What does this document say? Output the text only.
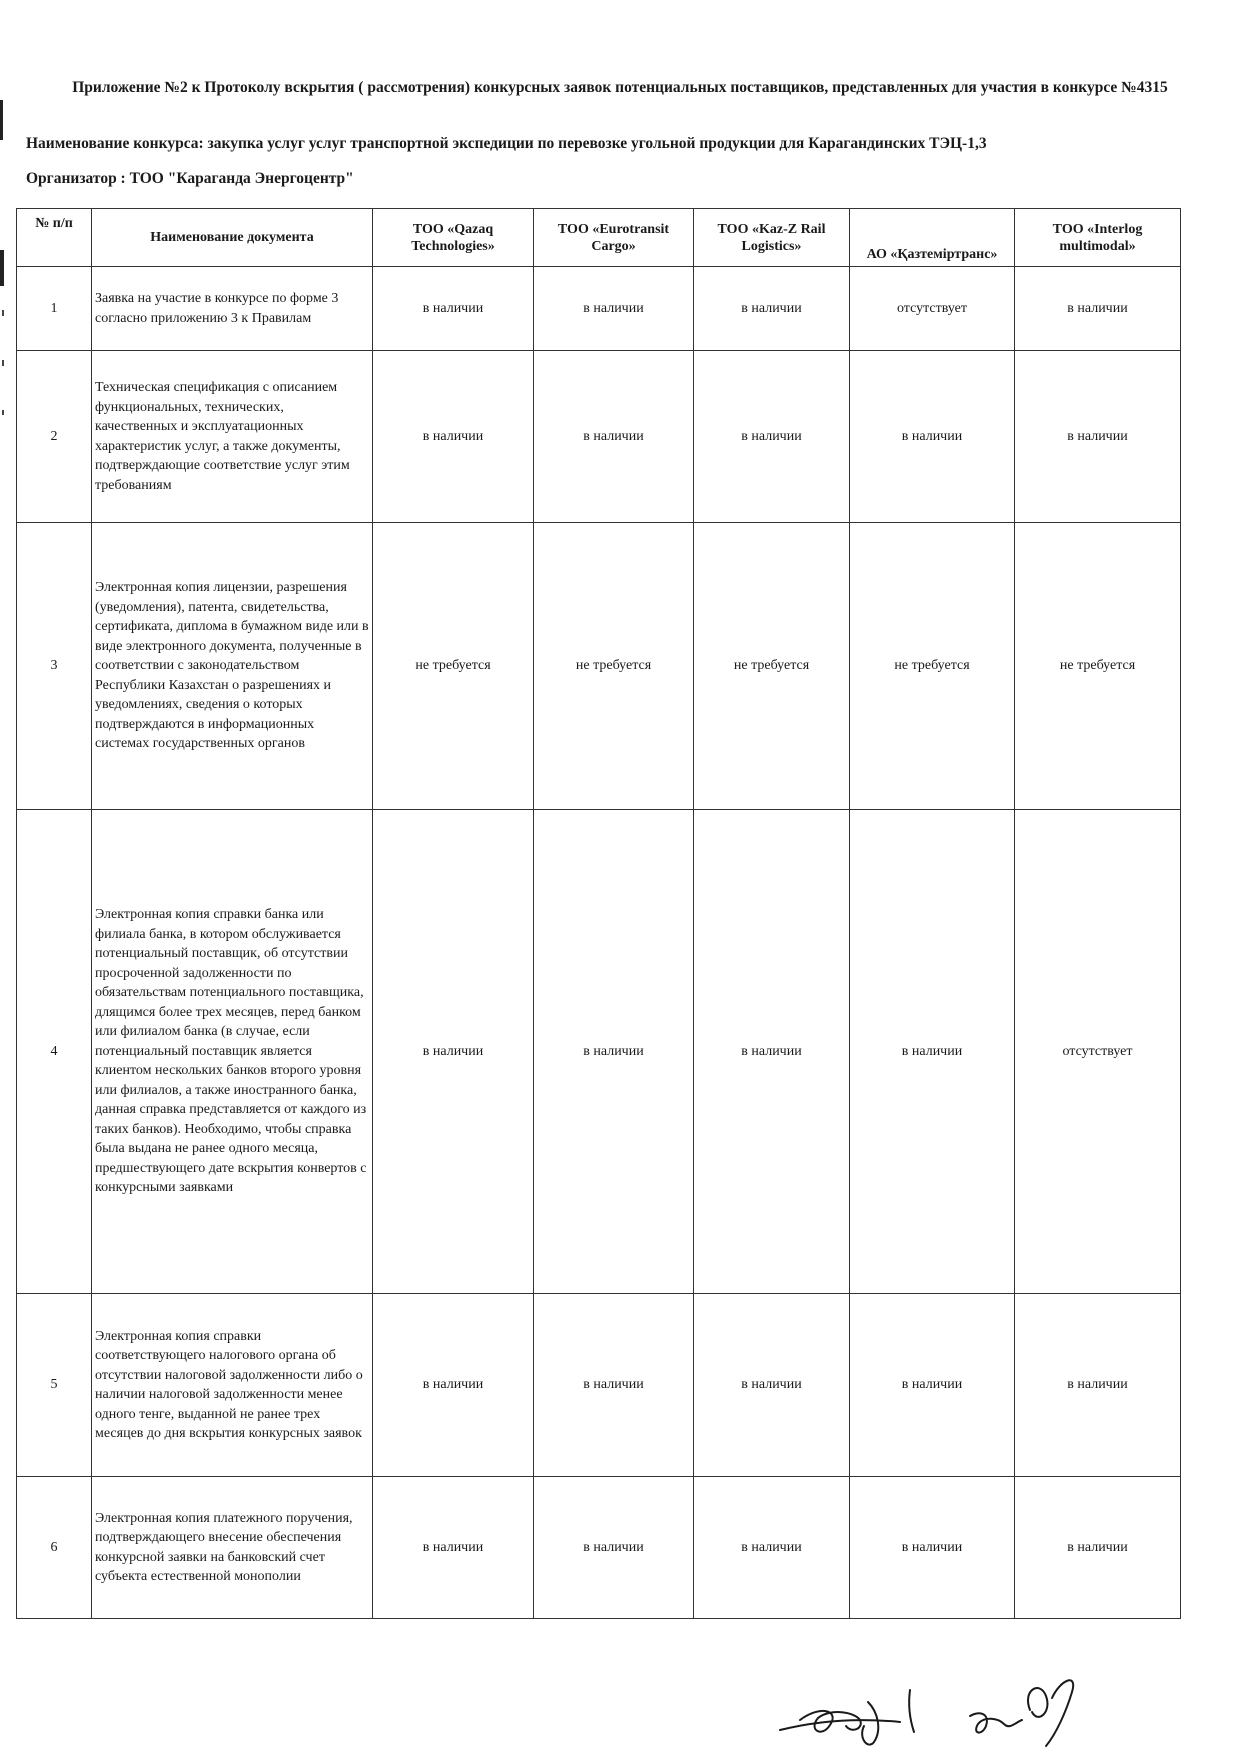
Приложение №2 к Протоколу вскрытия ( рассмотрения) конкурсных заявок потенциальных поставщиков, представленных для участия в конкурсе №4315
Наименование конкурса: закупка услуг услуг транспортной экспедиции по перевозке угольной продукции для Карагандинских ТЭЦ-1,3
Организатор : ТОО "Караганда Энергоцентр"
№ п/п	Наименование документа	ТОО «Qazaq Technologies»	ТОО «Eurotransit Cargo»	ТОО «Kaz-Z Rail Logistics»	АО «Қазтеміртранс»	ТОО «Interlog multimodal»
1	Заявка на участие в конкурсе по форме 3 согласно приложению 3 к Правилам	в наличии	в наличии	в наличии	отсутствует	в наличии
2	Техническая спецификация с описанием функциональных, технических, качественных и эксплуатационных характеристик услуг, а также документы, подтверждающие соответствие услуг этим требованиям	в наличии	в наличии	в наличии	в наличии	в наличии
3	Электронная копия лицензии, разрешения (уведомления), патента, свидетельства, сертификата, диплома в бумажном виде или в виде электронного документа, полученные в соответствии с законодательством Республики Казахстан о разрешениях и уведомлениях, сведения о которых подтверждаются в информационных системах государственных органов	не требуется	не требуется	не требуется	не требуется	не требуется
4	Электронная копия справки банка или филиала банка, в котором обслуживается потенциальный поставщик, об отсутствии просроченной задолженности по обязательствам потенциального поставщика, длящимся более трех месяцев, перед банком или филиалом банка (в случае, если потенциальный поставщик является клиентом нескольких банков второго уровня или филиалов, а также иностранного банка, данная справка представляется от каждого из таких банков). Необходимо, чтобы справка была выдана не ранее одного месяца, предшествующего дате вскрытия конвертов с конкурсными заявками	в наличии	в наличии	в наличии	в наличии	отсутствует
5	Электронная копия справки соответствующего налогового органа об отсутствии налоговой задолженности либо о наличии налоговой задолженности менее одного тенге, выданной не ранее трех месяцев до дня вскрытия конкурсных заявок	в наличии	в наличии	в наличии	в наличии	в наличии
6	Электронная копия платежного поручения, подтверждающего внесение обеспечения конкурсной заявки на банковский счет субъекта естественной монополии	в наличии	в наличии	в наличии	в наличии	в наличии
